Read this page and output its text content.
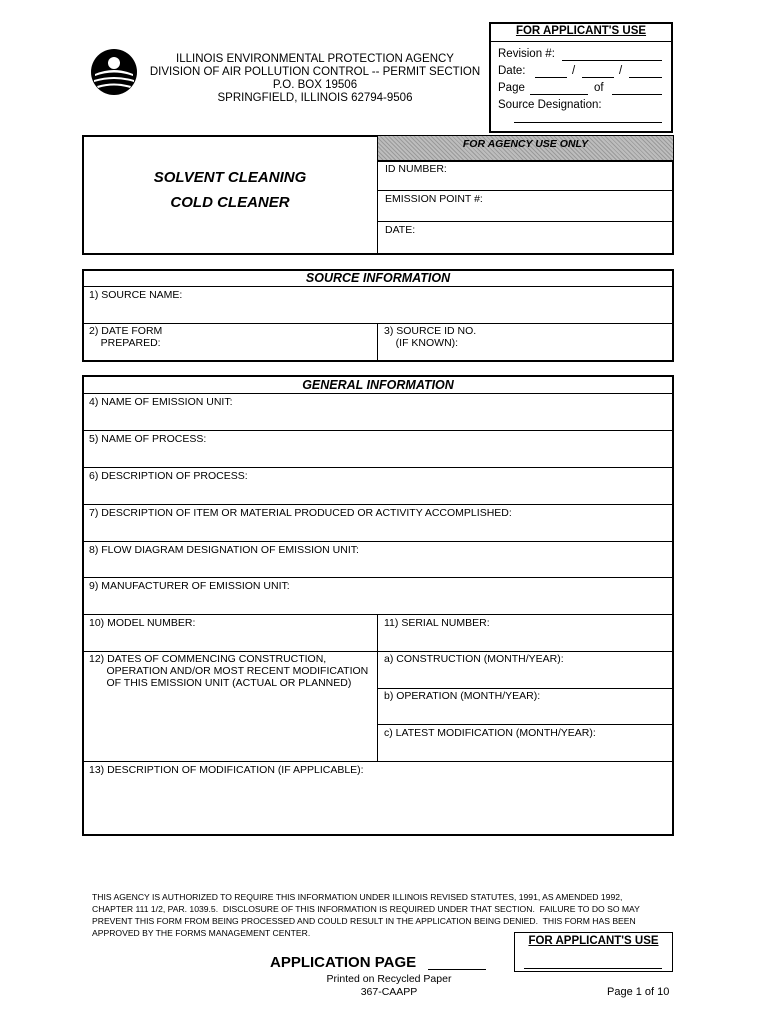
ILLINOIS ENVIRONMENTAL PROTECTION AGENCY
DIVISION OF AIR POLLUTION CONTROL -- PERMIT SECTION
P.O. BOX 19506
SPRINGFIELD, ILLINOIS 62794-9506
FOR APPLICANT'S USE
Revision #:
Date:	/	/
Page	of
Source Designation:
FOR AGENCY USE ONLY
ID NUMBER:
EMISSION POINT #:
DATE:
SOLVENT CLEANING
COLD CLEANER
SOURCE INFORMATION
1) SOURCE NAME:
2) DATE FORM
PREPARED:
3) SOURCE ID NO.
(IF KNOWN):
GENERAL INFORMATION
4) NAME OF EMISSION UNIT:
5) NAME OF PROCESS:
6) DESCRIPTION OF PROCESS:
7) DESCRIPTION OF ITEM OR MATERIAL PRODUCED OR ACTIVITY ACCOMPLISHED:
8) FLOW DIAGRAM DESIGNATION OF EMISSION UNIT:
9) MANUFACTURER OF EMISSION UNIT:
10) MODEL NUMBER:	11) SERIAL NUMBER:
12) DATES OF COMMENCING CONSTRUCTION,
OPERATION AND/OR MOST RECENT MODIFICATION
OF THIS EMISSION UNIT (ACTUAL OR PLANNED)
a) CONSTRUCTION (MONTH/YEAR):
b) OPERATION (MONTH/YEAR):
c) LATEST MODIFICATION (MONTH/YEAR):
13) DESCRIPTION OF MODIFICATION (IF APPLICABLE):
THIS AGENCY IS AUTHORIZED TO REQUIRE THIS INFORMATION UNDER ILLINOIS REVISED STATUTES, 1991, AS AMENDED 1992,
CHAPTER 111 1/2, PAR. 1039.5.  DISCLOSURE OF THIS INFORMATION IS REQUIRED UNDER THAT SECTION.  FAILURE TO DO SO MAY
PREVENT THIS FORM FROM BEING PROCESSED AND COULD RESULT IN THE APPLICATION BEING DENIED.  THIS FORM HAS BEEN
APPROVED BY THE FORMS MANAGEMENT CENTER.
FOR APPLICANT'S USE
APPLICATION PAGE
Printed on Recycled Paper
367-CAAPP	Page 1 of 10
